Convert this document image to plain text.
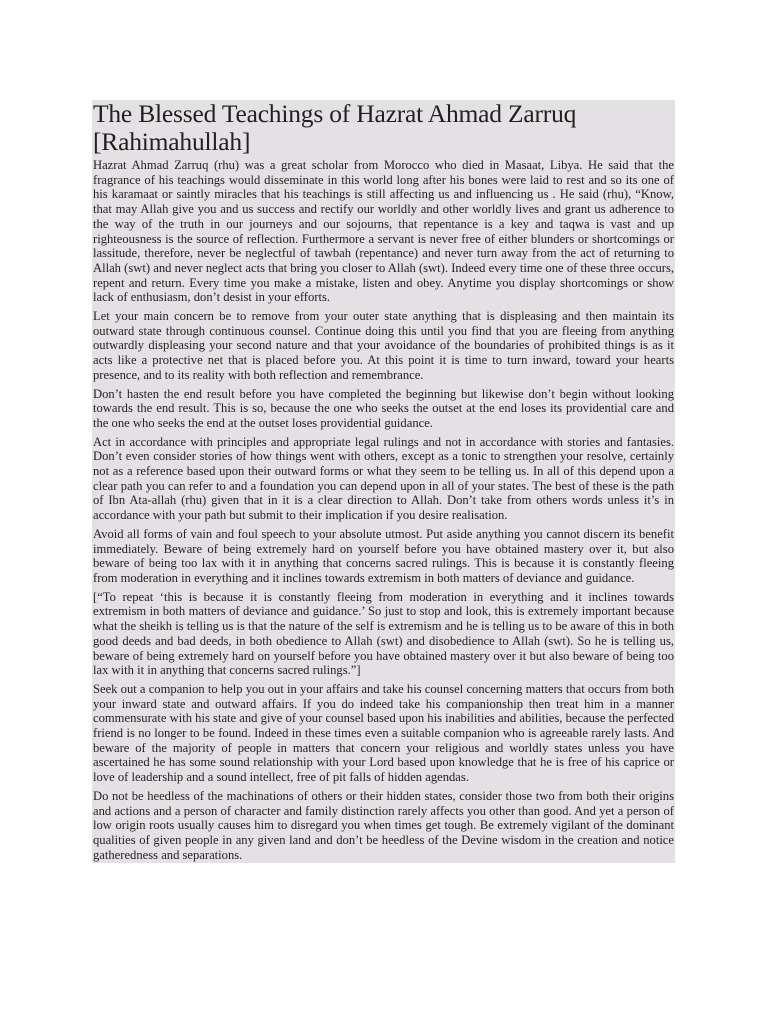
The Blessed Teachings of Hazrat Ahmad Zarruq [Rahimahullah]

Hazrat Ahmad Zarruq (rhu) was a great scholar from Morocco who died in Masaat, Libya. He said that the fragrance of his teachings would disseminate in this world long after his bones were laid to rest and so its one of his karamaat or saintly miracles that his teachings is still affecting us and influencing us . He said (rhu), “Know, that may Allah give you and us success and rectify our worldly and other worldly lives and grant us adherence to the way of the truth in our journeys and our sojourns, that repentance is a key and taqwa is vast and up righteousness is the source of reflection. Furthermore a servant is never free of either blunders or shortcomings or lassitude, therefore, never be neglectful of tawbah (repentance) and never turn away from the act of returning to Allah (swt) and never neglect acts that bring you closer to Allah (swt). Indeed every time one of these three occurs, repent and return. Every time you make a mistake, listen and obey. Anytime you display shortcomings or show lack of enthusiasm, don’t desist in your efforts.

Let your main concern be to remove from your outer state anything that is displeasing and then maintain its outward state through continuous counsel. Continue doing this until you find that you are fleeing from anything outwardly displeasing your second nature and that your avoidance of the boundaries of prohibited things is as it acts like a protective net that is placed before you. At this point it is time to turn inward, toward your hearts presence, and to its reality with both reflection and remembrance.

Don’t hasten the end result before you have completed the beginning but likewise don’t begin without looking towards the end result. This is so, because the one who seeks the outset at the end loses its providential care and the one who seeks the end at the outset loses providential guidance.

Act in accordance with principles and appropriate legal rulings and not in accordance with stories and fantasies. Don’t even consider stories of how things went with others, except as a tonic to strengthen your resolve, certainly not as a reference based upon their outward forms or what they seem to be telling us. In all of this depend upon a clear path you can refer to and a foundation you can depend upon in all of your states. The best of these is the path of Ibn Ata-allah (rhu) given that in it is a clear direction to Allah. Don’t take from others words unless it’s in accordance with your path but submit to their implication if you desire realisation.

Avoid all forms of vain and foul speech to your absolute utmost. Put aside anything you cannot discern its benefit immediately. Beware of being extremely hard on yourself before you have obtained mastery over it, but also beware of being too lax with it in anything that concerns sacred rulings. This is because it is constantly fleeing from moderation in everything and it inclines towards extremism in both matters of deviance and guidance.

[“To repeat ‘this is because it is constantly fleeing from moderation in everything and it inclines towards extremism in both matters of deviance and guidance.’ So just to stop and look, this is extremely important because what the sheikh is telling us is that the nature of the self is extremism and he is telling us to be aware of this in both good deeds and bad deeds, in both obedience to Allah (swt) and disobedience to Allah (swt). So he is telling us, beware of being extremely hard on yourself before you have obtained mastery over it but also beware of being too lax with it in anything that concerns sacred rulings.”]

Seek out a companion to help you out in your affairs and take his counsel concerning matters that occurs from both your inward state and outward affairs. If you do indeed take his companionship then treat him in a manner commensurate with his state and give of your counsel based upon his inabilities and abilities, because the perfected friend is no longer to be found. Indeed in these times even a suitable companion who is agreeable rarely lasts. And beware of the majority of people in matters that concern your religious and worldly states unless you have ascertained he has some sound relationship with your Lord based upon knowledge that he is free of his caprice or love of leadership and a sound intellect, free of pit falls of hidden agendas.

Do not be heedless of the machinations of others or their hidden states, consider those two from both their origins and actions and a person of character and family distinction rarely affects you other than good. And yet a person of low origin roots usually causes him to disregard you when times get tough. Be extremely vigilant of the dominant qualities of given people in any given land and don’t be heedless of the Devine wisdom in the creation and notice gatheredness and separations.
